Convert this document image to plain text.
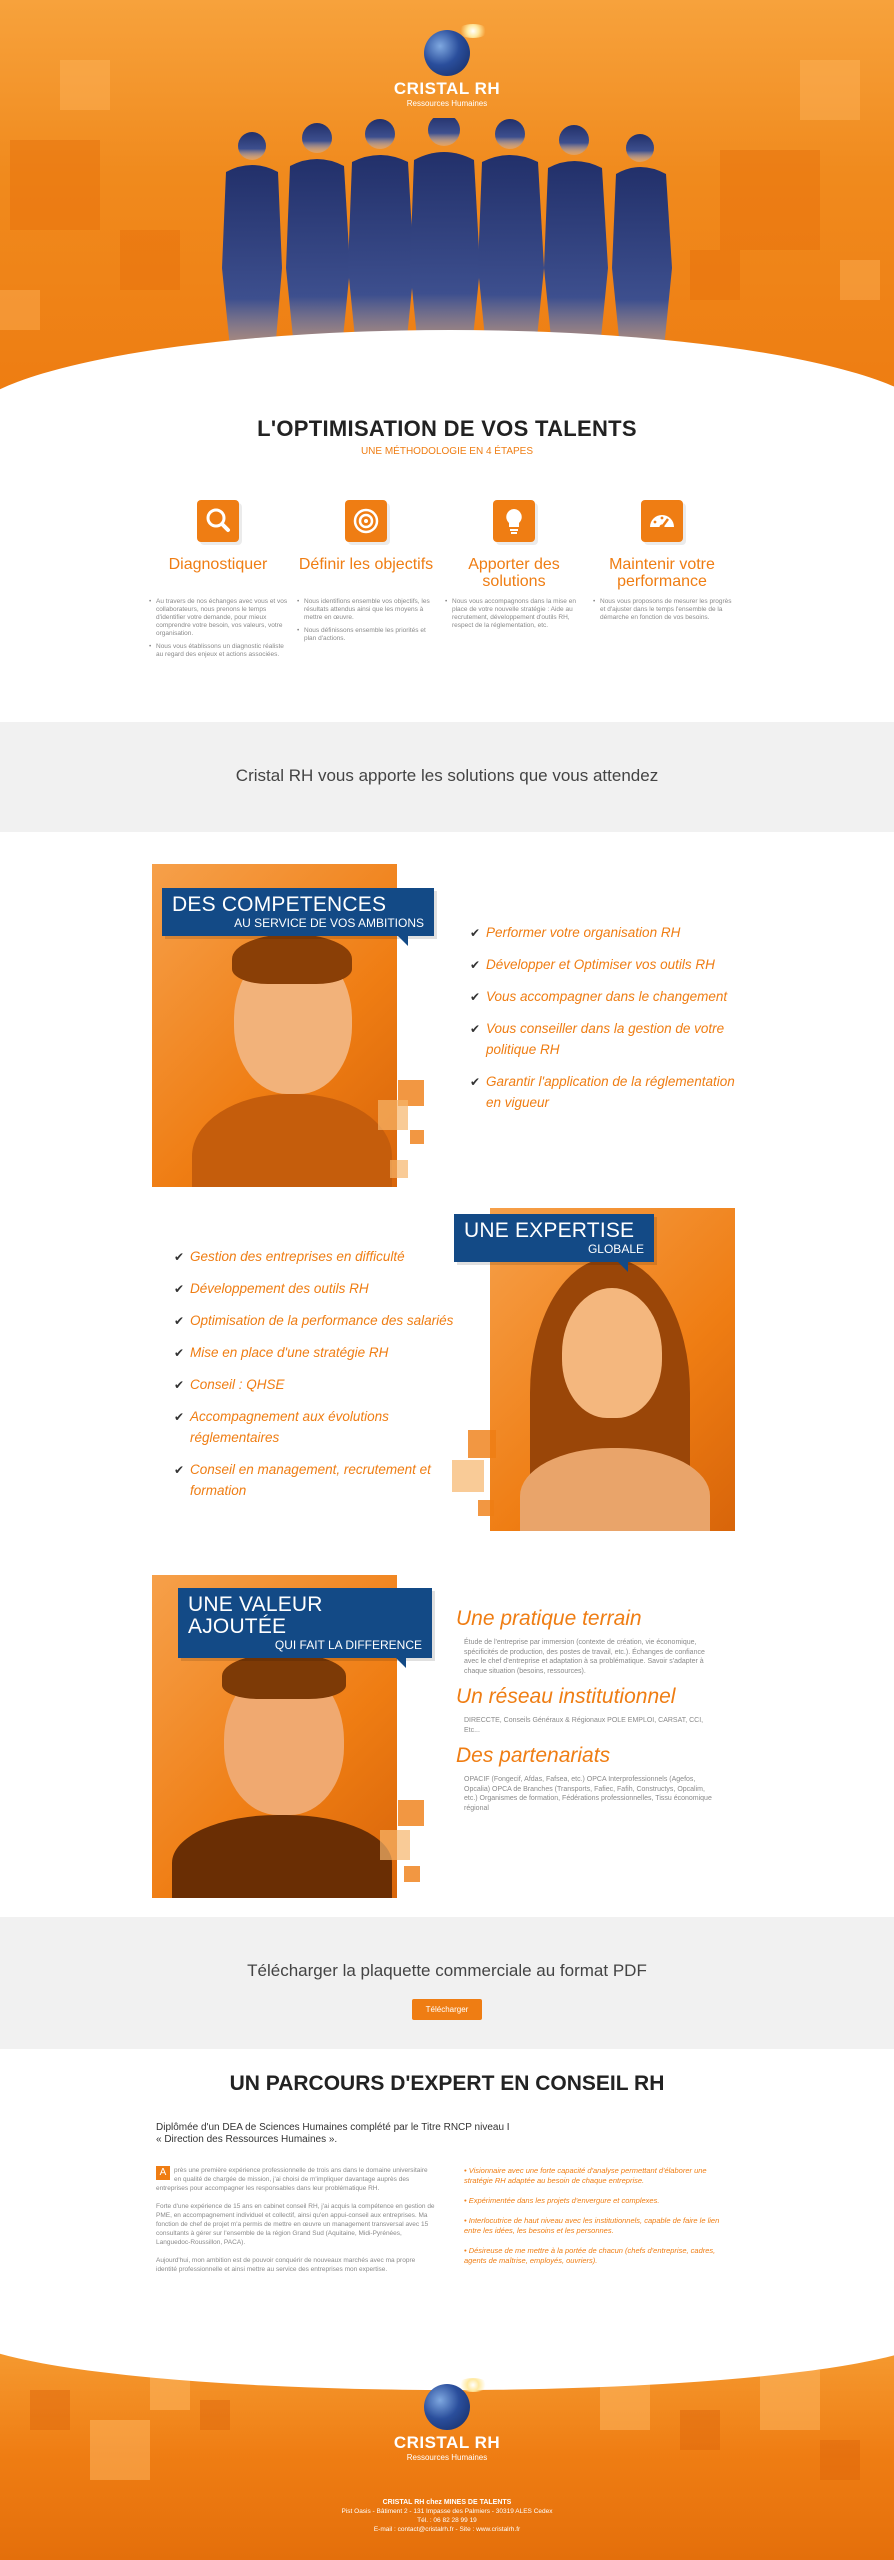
CRISTAL RH
Ressources Humaines
L'OPTIMISATION DE VOS TALENTS
UNE MÉTHODOLOGIE EN 4 ÉTAPES
Diagnostiquer

• Au travers de nos échanges avec vous et vos collaborateurs, nous prenons le temps d'identifier votre demande, pour mieux comprendre votre besoin, vos valeurs, votre organisation.

• Nous vous établissons un diagnostic réaliste au regard des enjeux et actions associées.

Définir les objectifs

• Nous identifions ensemble vos objectifs, les résultats attendus ainsi que les moyens à mettre en œuvre.

• Nous définissons ensemble les priorités et plan d'actions.

Apporter des solutions

• Nous vous accompagnons dans la mise en place de votre nouvelle stratégie : Aide au recrutement, développement d'outils RH, respect de la réglementation, etc.

Maintenir votre performance

• Nous vous proposons de mesurer les progrès et d'ajuster dans le temps l'ensemble de la démarche en fonction de vos besoins.

Cristal RH vous apporte les solutions que vous attendez
DES COMPETENCES
AU SERVICE DE VOS AMBITIONS
✔ Performer votre organisation RH
✔ Développer et Optimiser vos outils RH
✔ Vous accompagner dans le changement
✔ Vous conseiller dans la gestion de votre politique RH
✔ Garantir l'application de la réglementation en vigueur
UNE EXPERTISE
GLOBALE
✔ Gestion des entreprises en difficulté
✔ Développement des outils RH
✔ Optimisation de la performance des salariés
✔ Mise en place d'une stratégie RH
✔ Conseil : QHSE
✔ Accompagnement aux évolutions réglementaires
✔ Conseil en management, recrutement et formation
UNE VALEUR AJOUTÉE
QUI FAIT LA DIFFERENCE
Une pratique terrain
Étude de l'entreprise par immersion (contexte de création, vie économique, spécificités de production, des postes de travail, etc.). Échanges de confiance avec le chef d'entreprise et adaptation à sa problématique. Savoir s'adapter à chaque situation (besoins, ressources).
Un réseau institutionnel
DIRECCTE, Conseils Généraux & Régionaux POLE EMPLOI, CARSAT, CCI, Etc...
Des partenariats
OPACIF (Fongecif, Afdas, Fafsea, etc.) OPCA Interprofessionnels (Agefos, Opcalia) OPCA de Branches (Transports, Fafiec, Fafih, Constructys, Opcalim, etc.) Organismes de formation, Fédérations professionnelles, Tissu économique régional
Télécharger la plaquette commerciale au format PDF
Télécharger
UN PARCOURS D'EXPERT EN CONSEIL RH
Diplômée d'un DEA de Sciences Humaines complété par le Titre RNCP niveau I
« Direction des Ressources Humaines ».

A	près une première expérience professionnelle de trois ans dans le domaine universitaire en qualité de chargée de mission, j'ai choisi de m'impliquer davantage auprès des entreprises pour accompagner les responsables dans leur problématique RH.

Forte d'une expérience de 15 ans en cabinet conseil RH, j'ai acquis la compétence en gestion de PME, en accompagnement individuel et collectif, ainsi qu'en appui-conseil aux entreprises. Ma fonction de chef de projet m'a permis de mettre en œuvre un management transversal avec 15 consultants à gérer sur l'ensemble de la région Grand Sud (Aquitaine, Midi-Pyrénées, Languedoc-Roussillon, PACA).

Aujourd'hui, mon ambition est de pouvoir conquérir de nouveaux marchés avec ma propre identité professionnelle et ainsi mettre au service des entreprises mon expertise.

• Visionnaire avec une forte capacité d'analyse permettant d'élaborer une stratégie RH adaptée au besoin de chaque entreprise.

• Expérimentée dans les projets d'envergure et complexes.

• Interlocutrice de haut niveau avec les institutionnels, capable de faire le lien entre les idées, les besoins et les personnes.

• Désireuse de me mettre à la portée de chacun (chefs d'entreprise, cadres, agents de maîtrise, employés, ouvriers).

CRISTAL RH
Ressources Humaines
CRISTAL RH chez MINES DE TALENTS
Pist Oasis - Bâtiment 2 - 131 Impasse des Palmiers - 30319 ALES Cedex
Tél. : 06 82 28 99 19
E-mail : contact@cristalrh.fr - Site : www.cristalrh.fr
